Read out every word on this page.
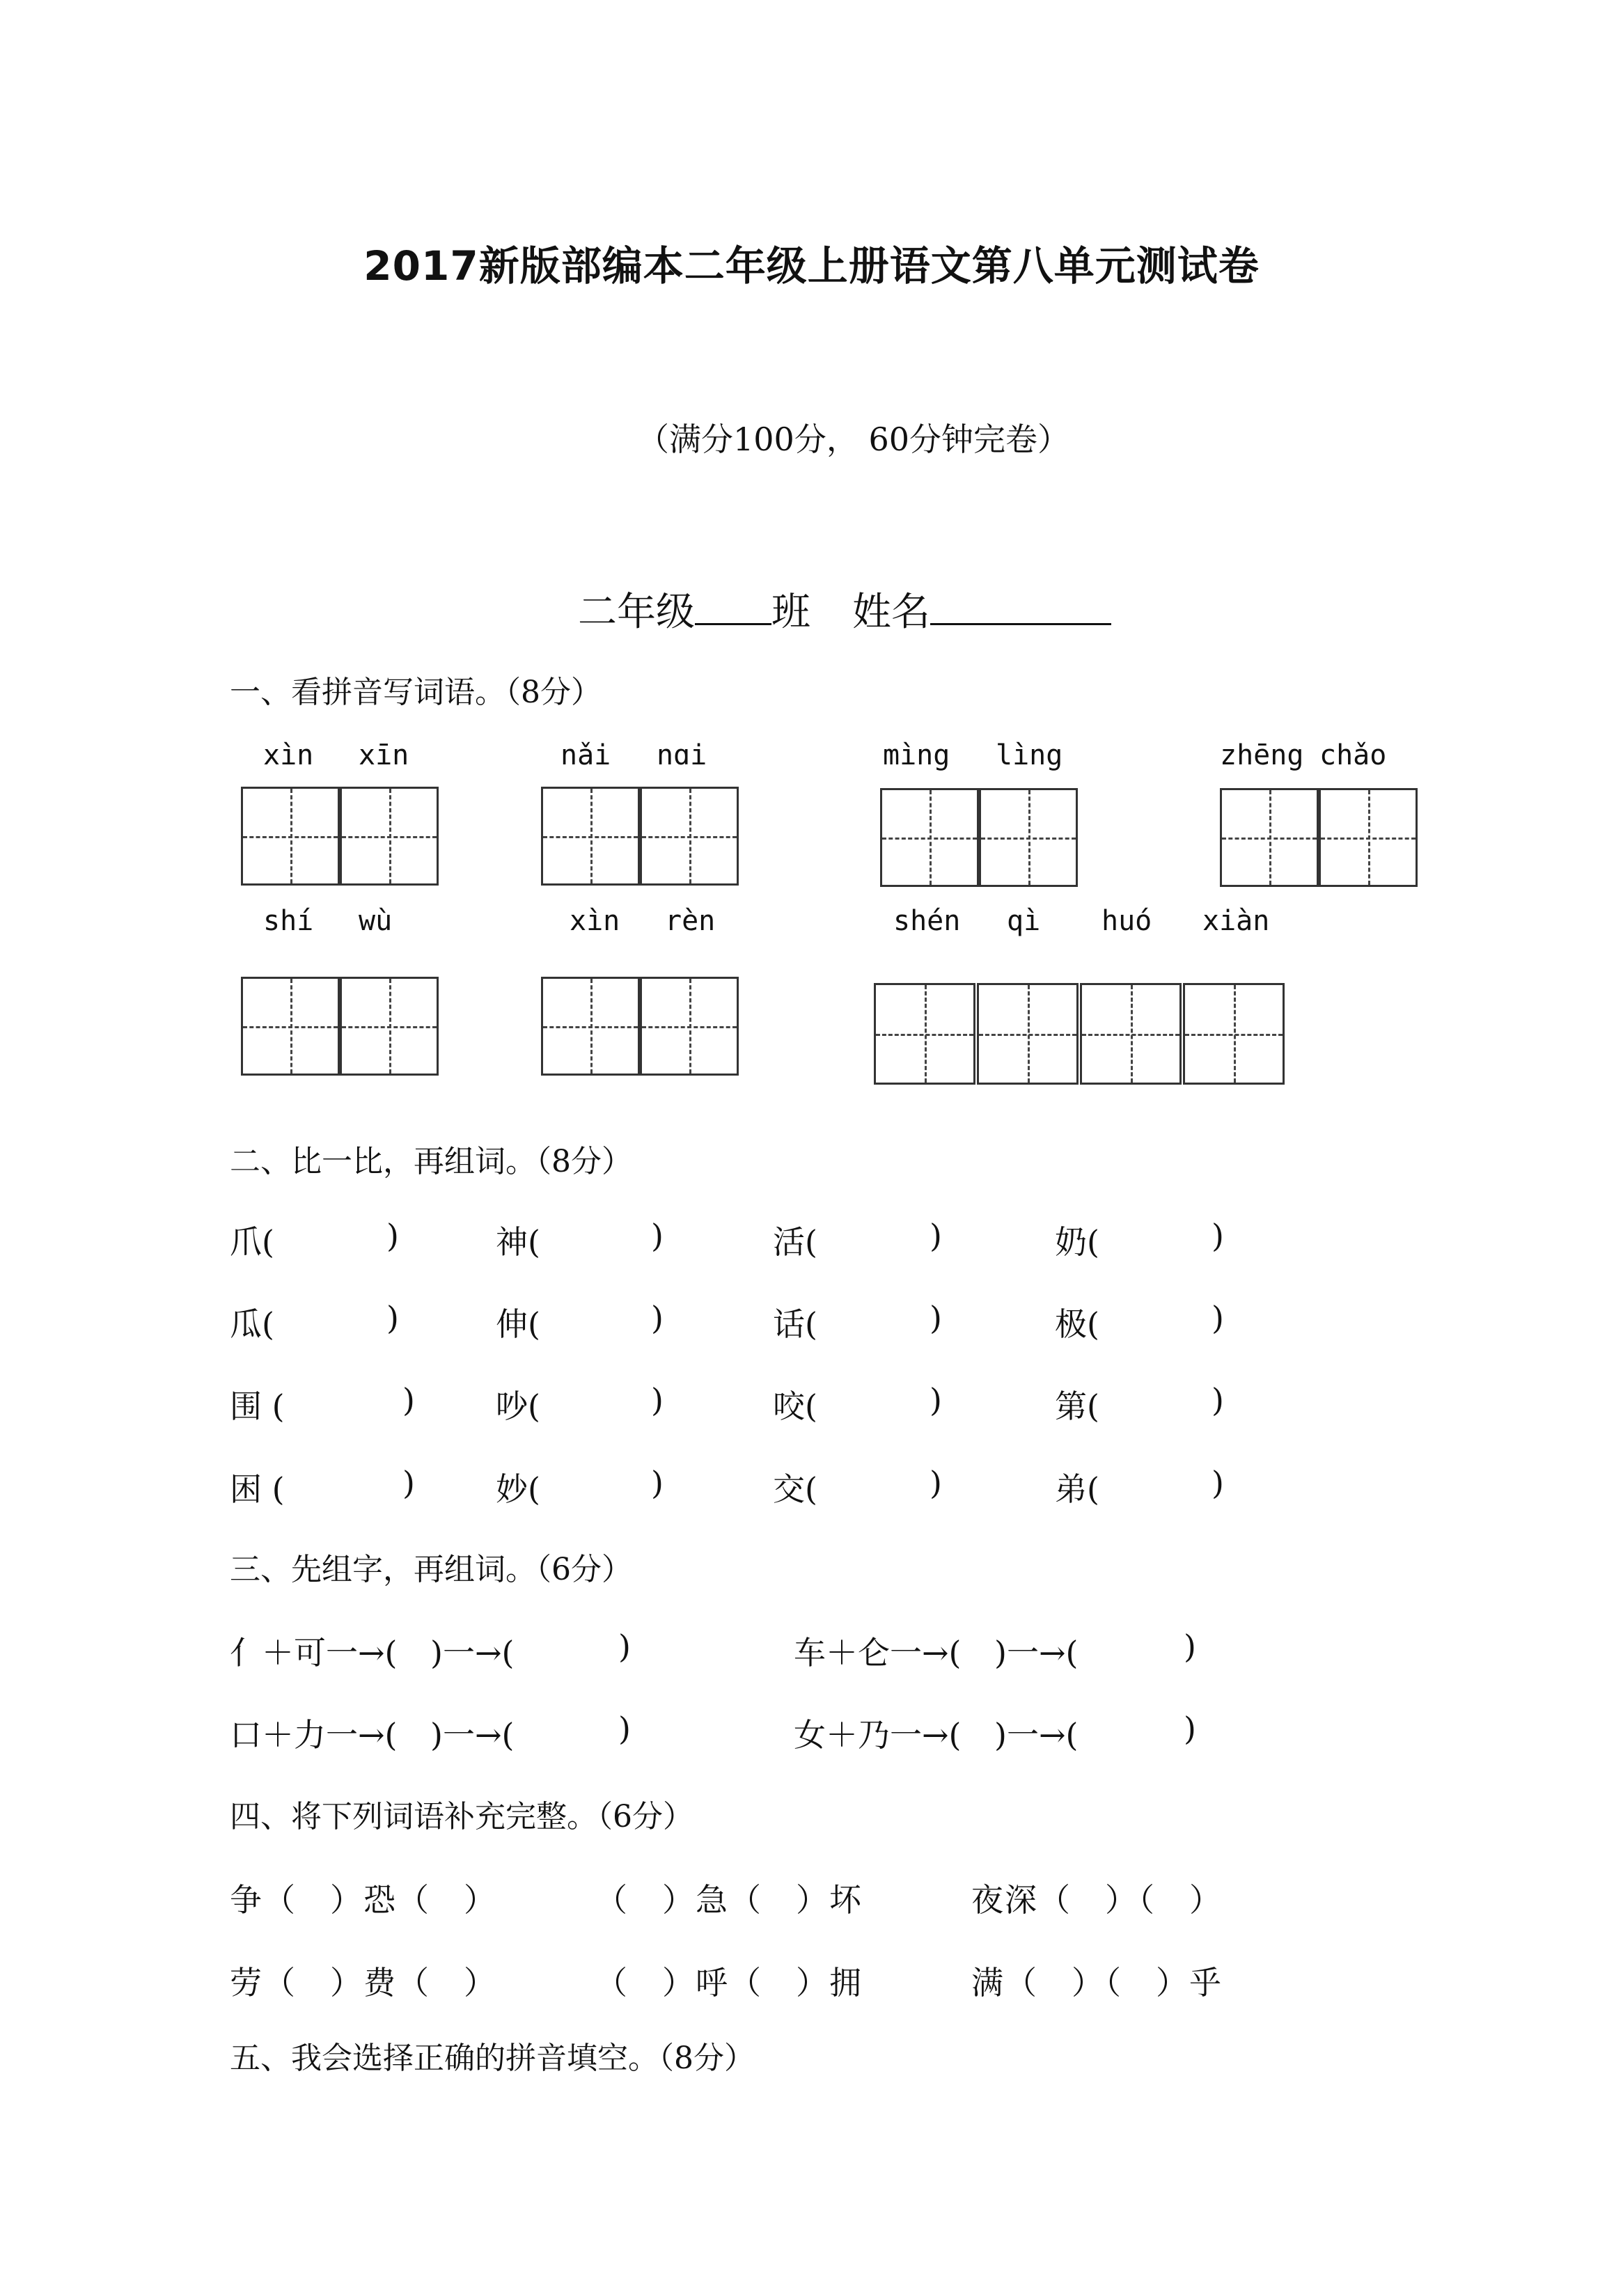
2017新版部编本二年级上册语文第八单元测试卷
（满分100分， 60分钟完卷）
二年级 班 姓名
一、看拼音写词语。（8分）
xìn xīn	nǎi nɑi	mìng lìng	zhēng chǎo
shí wù	xìn rèn	shén qì huó xiàn
二、比一比，再组词。（8分）
爪(	)	神(	)	活(	)	奶(	)
瓜(	)	伸(	)	话(	)	极(	)
围 (	)	吵(	)	咬(	)	第(	)
困 (	)	妙(	)	交(	)	弟(	)
三、先组字，再组词。（6分）
亻＋可一→( )一→(	)	车＋仑一→( )一→(	)
口＋力一→( )一→(	)	女＋乃一→( )一→(	)
四、将下列词语补充完整。（6分）
争（　）恐（　）	（　）急（　）坏	夜深（　）（　）
劳（　）费（　）	（　）呼（　）拥	满（　）（　）乎
五、我会选择正确的拼音填空。（8分）
